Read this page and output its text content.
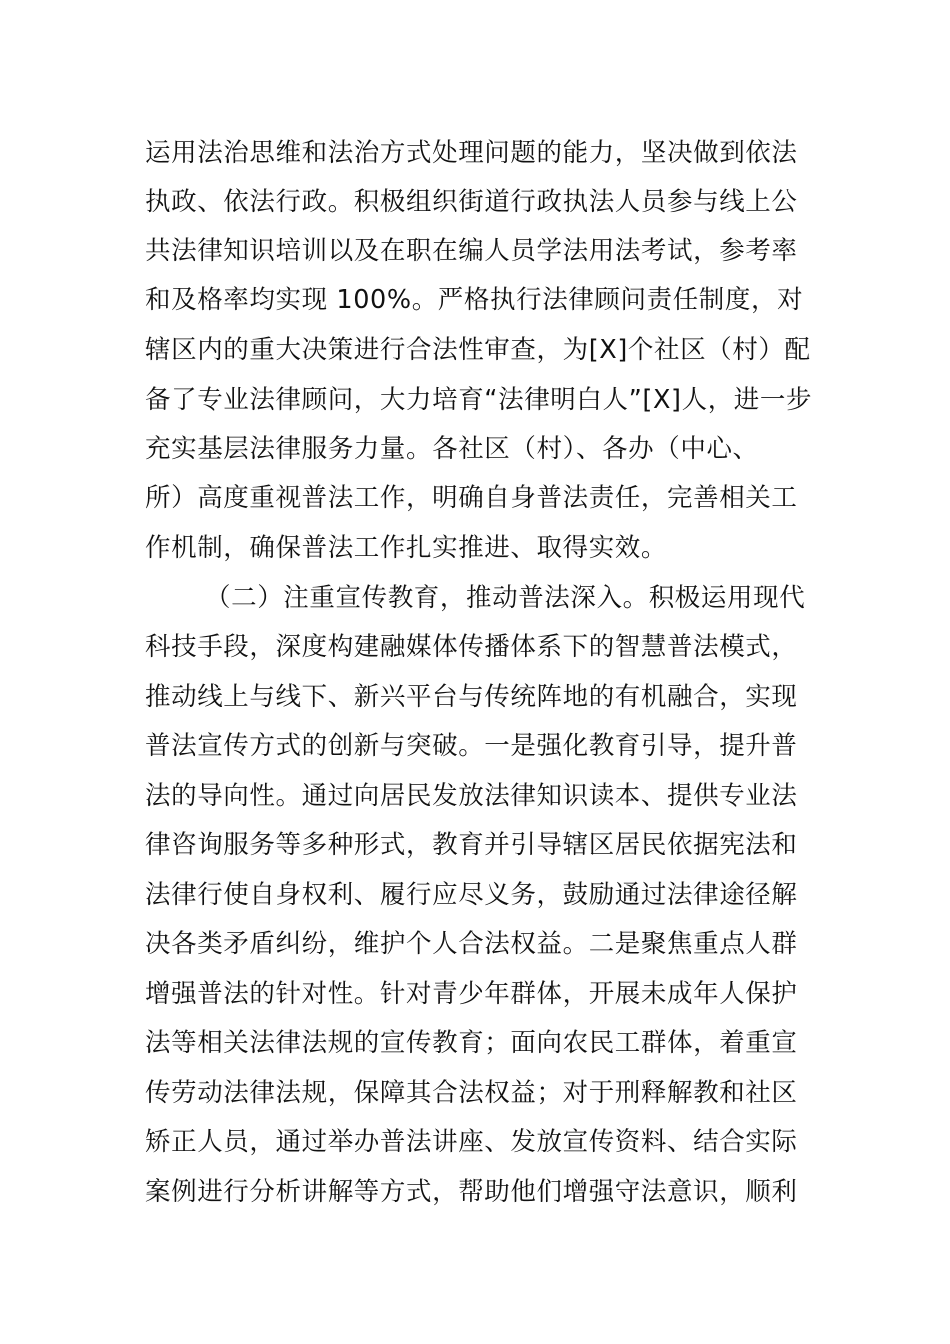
运用法治思维和法治方式处理问题的能力，坚决做到依法
执政、依法行政。积极组织街道行政执法人员参与线上公
共法律知识培训以及在职在编人员学法用法考试，参考率
和及格率均实现 100%。严格执行法律顾问责任制度，对
辖区内的重大决策进行合法性审查，为[X]个社区（村）配
备了专业法律顾问，大力培育“法律明白人”[X]人，进一步
充实基层法律服务力量。各社区（村）、各办（中心、
所）高度重视普法工作，明确自身普法责任，完善相关工
作机制，确保普法工作扎实推进、取得实效。
（二）注重宣传教育，推动普法深入。积极运用现代
科技手段，深度构建融媒体传播体系下的智慧普法模式，
推动线上与线下、新兴平台与传统阵地的有机融合，实现
普法宣传方式的创新与突破。一是强化教育引导，提升普
法的导向性。通过向居民发放法律知识读本、提供专业法
律咨询服务等多种形式，教育并引导辖区居民依据宪法和
法律行使自身权利、履行应尽义务，鼓励通过法律途径解
决各类矛盾纠纷，维护个人合法权益。二是聚焦重点人群
增强普法的针对性。针对青少年群体，开展未成年人保护
法等相关法律法规的宣传教育；面向农民工群体，着重宣
传劳动法律法规，保障其合法权益；对于刑释解教和社区
矫正人员，通过举办普法讲座、发放宣传资料、结合实际
案例进行分析讲解等方式，帮助他们增强守法意识，顺利
